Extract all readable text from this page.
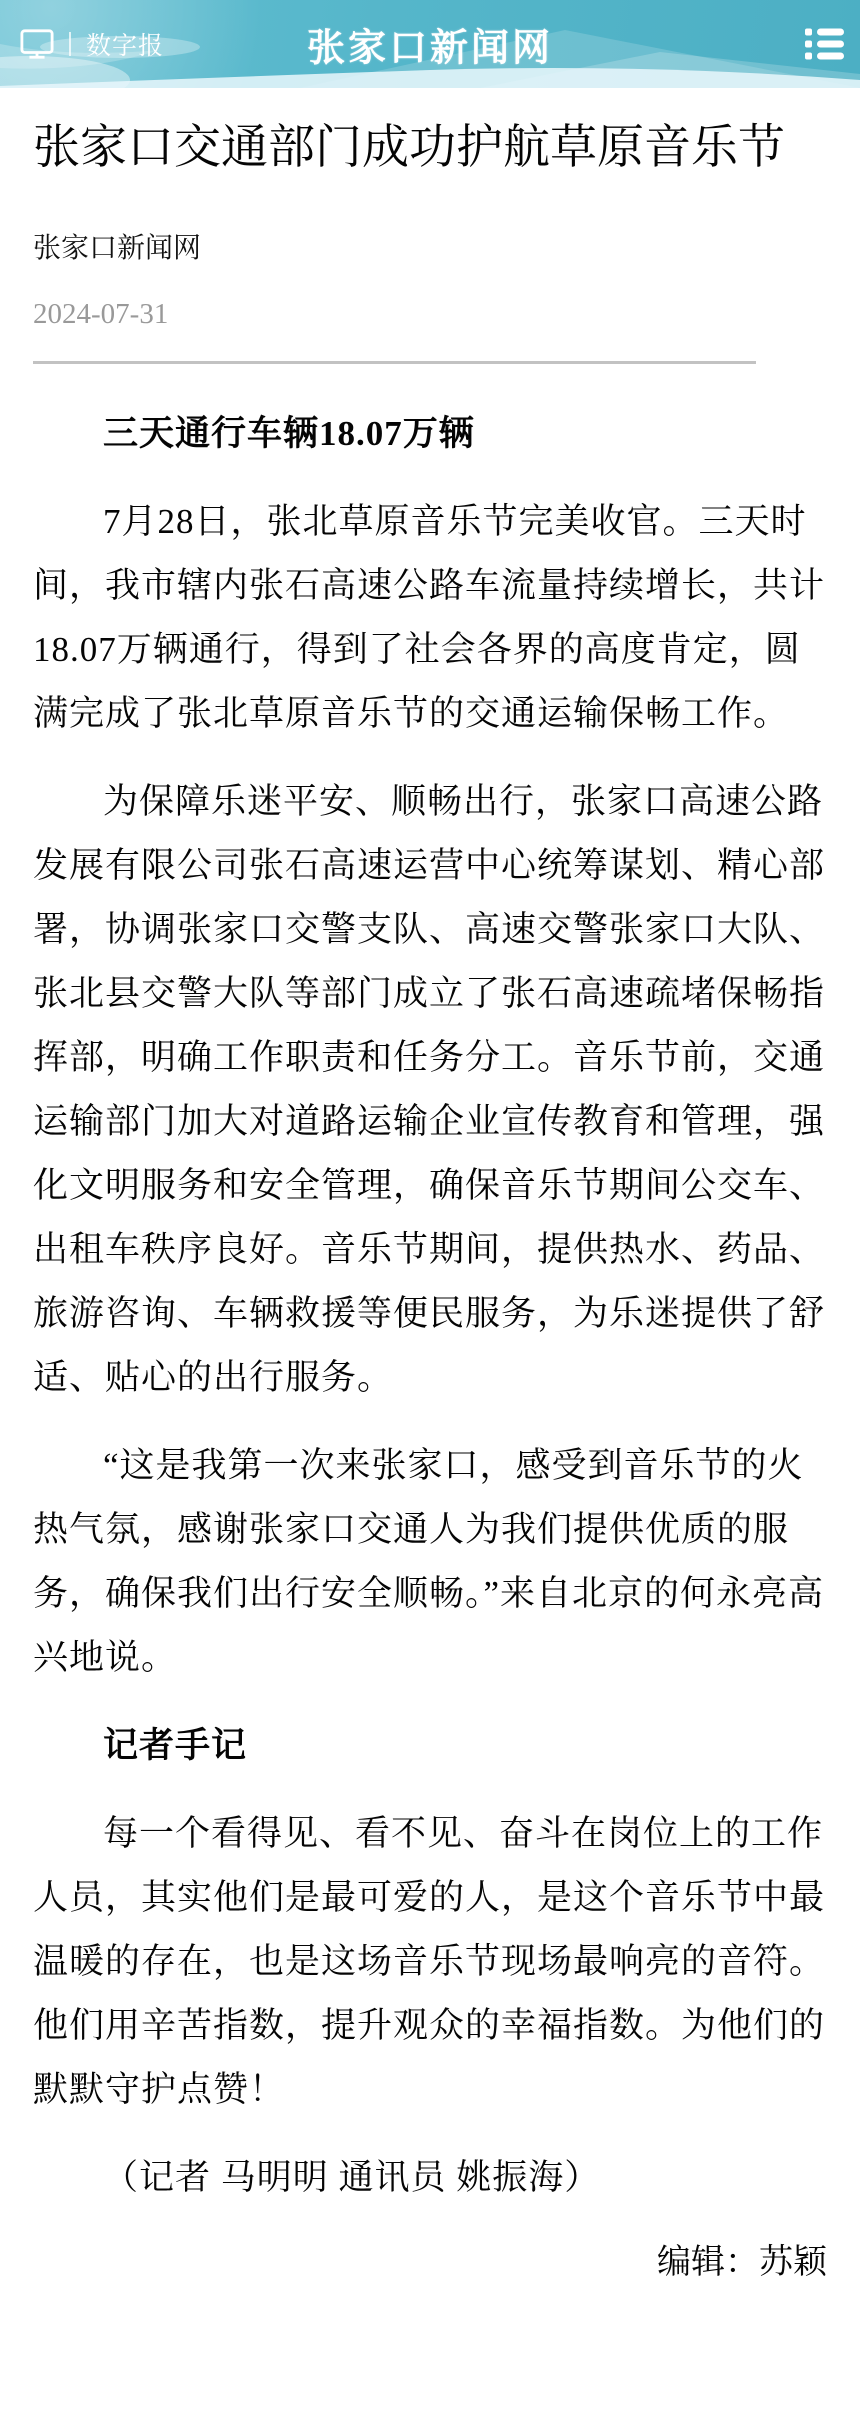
数字报	张家口新闻网
张家口交通部门成功护航草原音乐节
张家口新闻网
2024-07-31

三天通行车辆18.07万辆

7月28日，张北草原音乐节完美收官。三天时间，我市辖内张石高速公路车流量持续增长，共计18.07万辆通行，得到了社会各界的高度肯定，圆满完成了张北草原音乐节的交通运输保畅工作。

为保障乐迷平安、顺畅出行，张家口高速公路发展有限公司张石高速运营中心统筹谋划、精心部署，协调张家口交警支队、高速交警张家口大队、张北县交警大队等部门成立了张石高速疏堵保畅指挥部，明确工作职责和任务分工。音乐节前，交通运输部门加大对道路运输企业宣传教育和管理，强化文明服务和安全管理，确保音乐节期间公交车、出租车秩序良好。音乐节期间，提供热水、药品、旅游咨询、车辆救援等便民服务，为乐迷提供了舒适、贴心的出行服务。

“这是我第一次来张家口，感受到音乐节的火热气氛，感谢张家口交通人为我们提供优质的服务，确保我们出行安全顺畅。”来自北京的何永亮高兴地说。

记者手记

每一个看得见、看不见、奋斗在岗位上的工作人员，其实他们是最可爱的人，是这个音乐节中最温暖的存在，也是这场音乐节现场最响亮的音符。他们用辛苦指数，提升观众的幸福指数。为他们的默默守护点赞！

（记者 马明明 通讯员 姚振海）

编辑：苏颖
